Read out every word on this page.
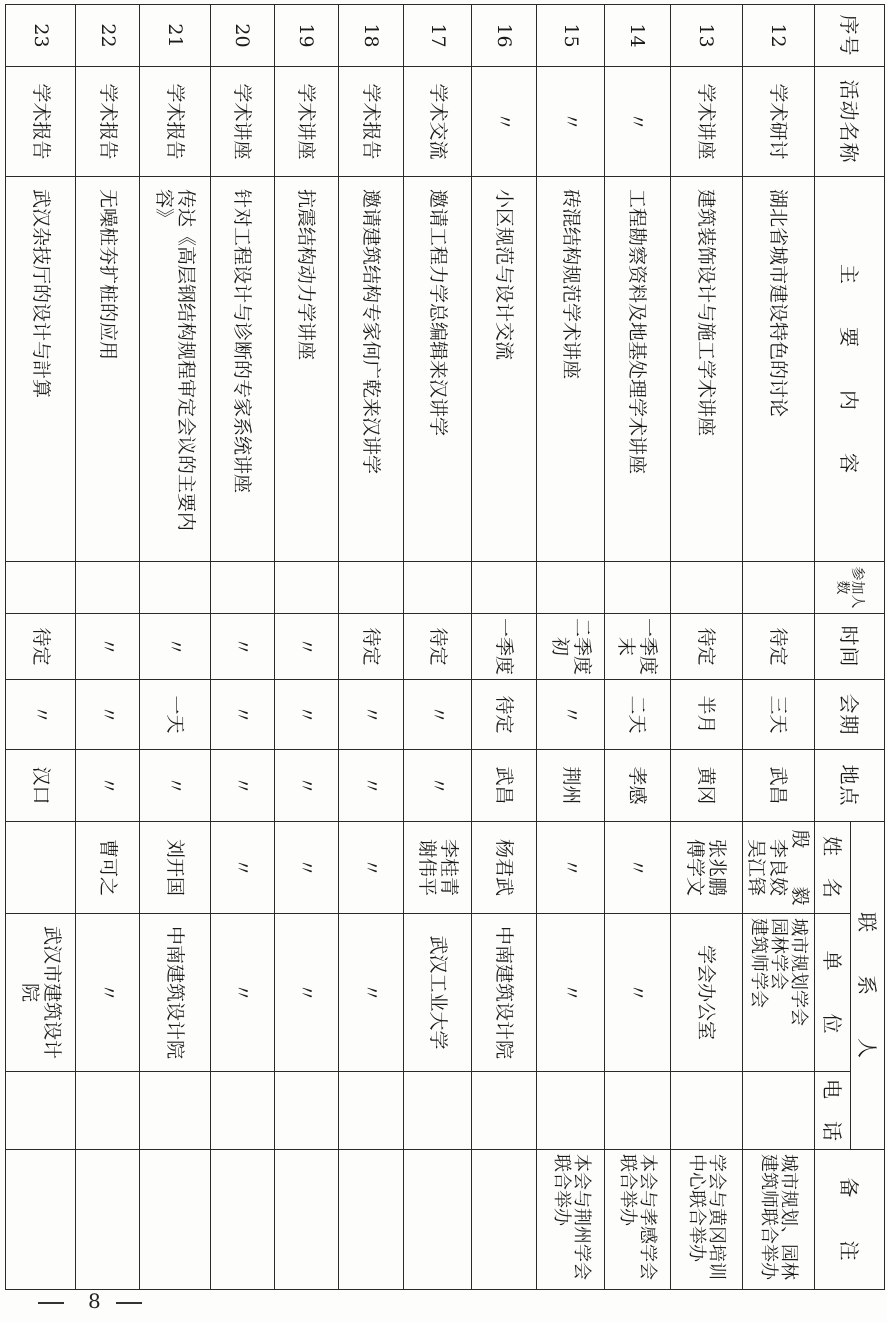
序号	活动名称	主　　要　　内　　容	参加人数	时间	会期	地点	联　　系　　人			备　　注
							姓　名	单　　位	电　话	
12	学术研讨	湖北省城市建设特色的讨论		待定	三天	武昌	殷　　毅
李良姣
吴江铎	城市规划学会
园林学会
建筑师学会		城市规划、园林建筑师联合举办
13	学术讲座	建筑装饰设计与施工学术讲座		待定	半月	黄冈	张兆鹏
傅学文	学会办公室		学会与黄冈培训中心联合举办
14	〃	工程勘察资料及地基处理学术讲座		一季度末	二天	孝感	〃	〃		本会与孝感学会联合举办
15	〃	砖混结构规范学术讲座		二季度初	〃	荆州	〃	〃		本会与荆州学会联合举办
16	〃	小区规范与设计交流		一季度	待定	武昌	杨君武	中南建筑设计院		

17	学术交流	邀请工程力学总编辑来汉讲学		待定	〃	〃	李桂青
谢伟平	武汉工业大学		

18	学术报告	邀请建筑结构专家何广乾来汉讲学		待定	〃	〃	〃	〃		

19	学术讲座	抗震结构动力学讲座		〃	〃	〃	〃	〃		

20	学术讲座	针对工程设计与诊断的专家系统讲座		〃	〃	〃	〃	〃		

21	学术报告	传达《高层钢结构规程审定会议的主要内容》		〃	一天	〃	刘开国	中南建筑设计院		

22	学术报告	无噪桩夯扩桩的应用		〃	〃	〃	曹可之	〃		

23	学术报告	武汉杂技厅的设计与計算		待定	〃	汉口		武汉市建筑设计院		

8
